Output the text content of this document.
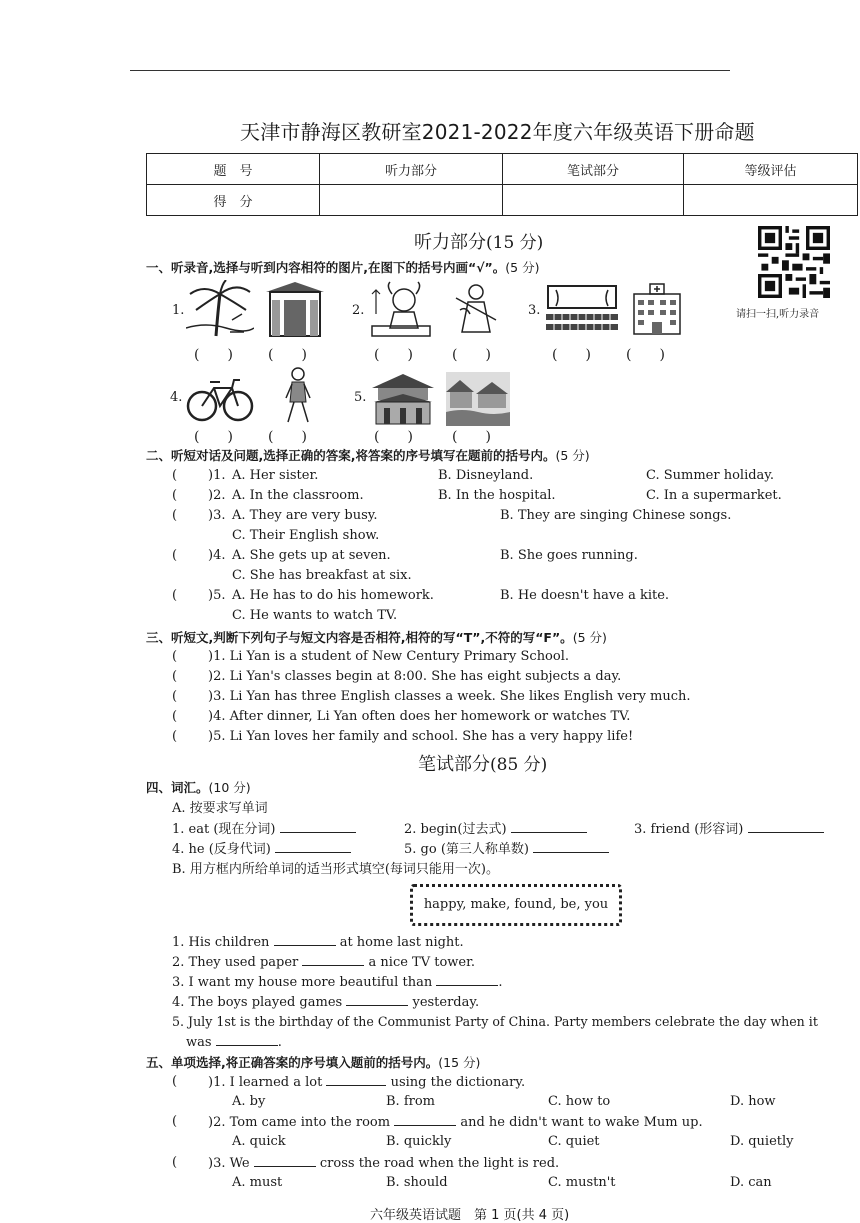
天津市静海区教研室2021-2022年度六年级英语下册命题
题　号	听力部分	笔试部分	等级评估
得　分			
听力部分(15 分)
请扫一扫,听力录音
一、听录音,选择与听到内容相符的图片,在图下的括号内画“√”。(5 分)
1.	2.	3.
(　　)	(　　)	(　　)	(　　)	(　　)	(　　)
4.	5.
(　　)	(　　)	(　　)	(　　)
二、听短对话及问题,选择正确的答案,将答案的序号填写在题前的括号内。(5 分)
( )1. A. Her sister.	B. Disneyland.	C. Summer holiday.
( )2. A. In the classroom.	B. In the hospital.	C. In a supermarket.
( )3. A. They are very busy.	B. They are singing Chinese songs.
C. Their English show.
( )4. A. She gets up at seven.	B. She goes running.
C. She has breakfast at six.
( )5. A. He has to do his homework.	B. He doesn't have a kite.
C. He wants to watch TV.
三、听短文,判断下列句子与短文内容是否相符,相符的写“T”,不符的写“F”。(5 分)
( )1. Li Yan is a student of New Century Primary School.
( )2. Li Yan's classes begin at 8:00. She has eight subjects a day.
( )3. Li Yan has three English classes a week. She likes English very much.
( )4. After dinner, Li Yan often does her homework or watches TV.
( )5. Li Yan loves her family and school. She has a very happy life!
笔试部分(85 分)
四、词汇。(10 分)
A. 按要求写单词
1. eat (现在分词)	2. begin(过去式)	3. friend (形容词)
4. he (反身代词)	5. go (第三人称单数)
B. 用方框内所给单词的适当形式填空(每词只能用一次)。
happy, make, found, be, you
1. His children	at home last night.
2. They used paper	a nice TV tower.
3. I want my house more beautiful than	.
4. The boys played games	yesterday.
5. July 1st is the birthday of the Communist Party of China. Party members celebrate the day when it
was	.
五、单项选择,将正确答案的序号填入题前的括号内。(15 分)
( )1. I learned a lot	using the dictionary.
A. by	B. from	C. how to	D. how
( )2. Tom came into the room	and he didn't want to wake Mum up.
A. quick	B. quickly	C. quiet	D. quietly
( )3. We	cross the road when the light is red.
A. must	B. should	C. mustn't	D. can
六年级英语试题　第 1 页(共 4 页)
